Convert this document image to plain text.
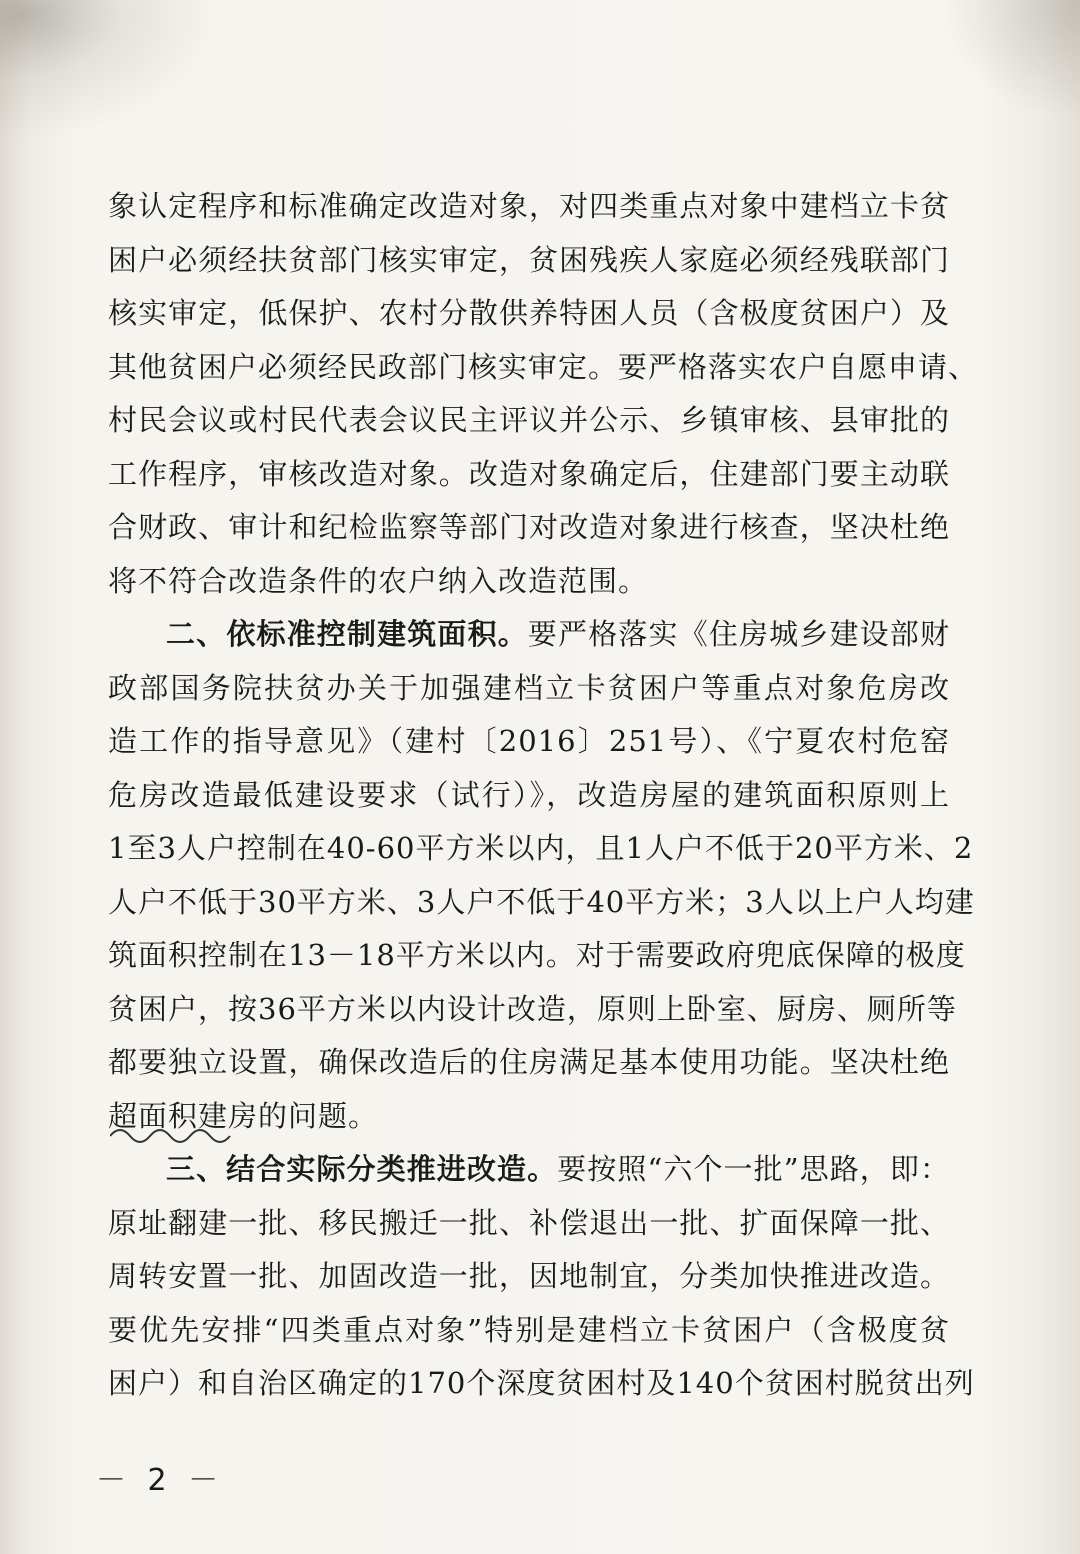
象认定程序和标准确定改造对象，对四类重点对象中建档立卡贫
困户必须经扶贫部门核实审定，贫困残疾人家庭必须经残联部门
核实审定，低保护、农村分散供养特困人员（含极度贫困户）及
其他贫困户必须经民政部门核实审定。要严格落实农户自愿申请、
村民会议或村民代表会议民主评议并公示、乡镇审核、县审批的
工作程序，审核改造对象。改造对象确定后，住建部门要主动联
合财政、审计和纪检监察等部门对改造对象进行核查，坚决杜绝
将不符合改造条件的农户纳入改造范围。
二、依标准控制建筑面积。要严格落实《住房城乡建设部财
政部国务院扶贫办关于加强建档立卡贫困户等重点对象危房改
造工作的指导意见》（建村〔2016〕251号）、《宁夏农村危窑
危房改造最低建设要求（试行）》，改造房屋的建筑面积原则上
1至3人户控制在40-60平方米以内，且1人户不低于20平方米、2
人户不低于30平方米、3人户不低于40平方米；3人以上户人均建
筑面积控制在13－18平方米以内。对于需要政府兜底保障的极度
贫困户，按36平方米以内设计改造，原则上卧室、厨房、厕所等
都要独立设置，确保改造后的住房满足基本使用功能。坚决杜绝
超面积建房的问题。
三、结合实际分类推进改造。要按照“六个一批”思路，即：
原址翻建一批、移民搬迁一批、补偿退出一批、扩面保障一批、
周转安置一批、加固改造一批，因地制宜，分类加快推进改造。
要优先安排“四类重点对象”特别是建档立卡贫困户（含极度贫
困户）和自治区确定的170个深度贫困村及140个贫困村脱贫出列
－ 2 －
